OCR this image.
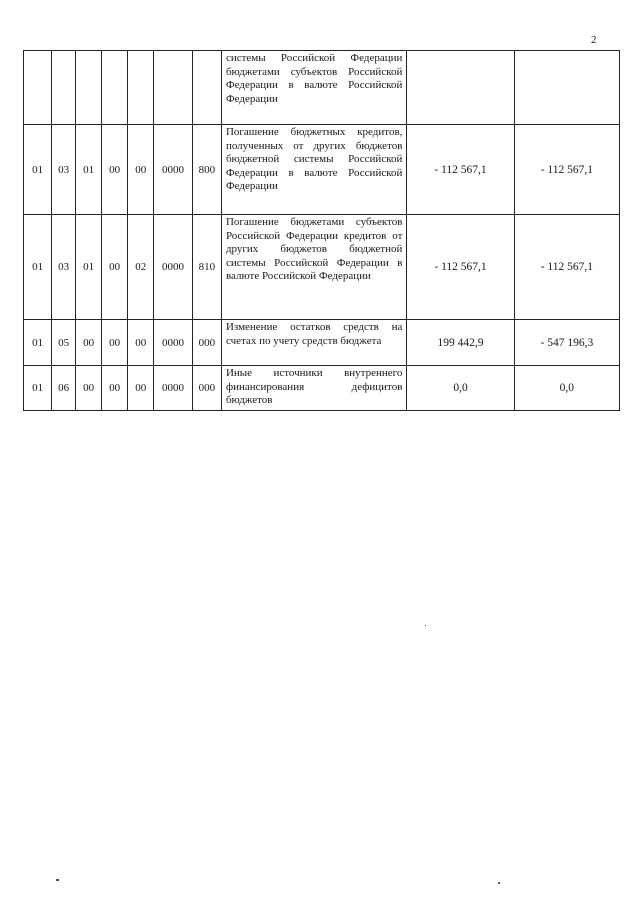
2
							системы Российской Федерации бюджетами субъектов Российской Федерации в валюте Российской Федерации		
01	03	01	00	00	0000	800	Погашение бюджетных кредитов, полученных от других бюджетов бюджетной системы Российской Федерации в валюте Российской Федерации	- 112 567,1	- 112 567,1
01	03	01	00	02	0000	810	Погашение бюджетами субъектов Российской Федерации кредитов от других бюджетов бюджетной системы Российской Федерации в валюте Российской Федерации	- 112 567,1	- 112 567,1
01	05	00	00	00	0000	000	Изменение остатков средств на счетах по учету средств бюджета	199 442,9	- 547 196,3
01	06	00	00	00	0000	000	Иные источники внутреннего финансирования дефицитов бюджетов	0,0	0,0
